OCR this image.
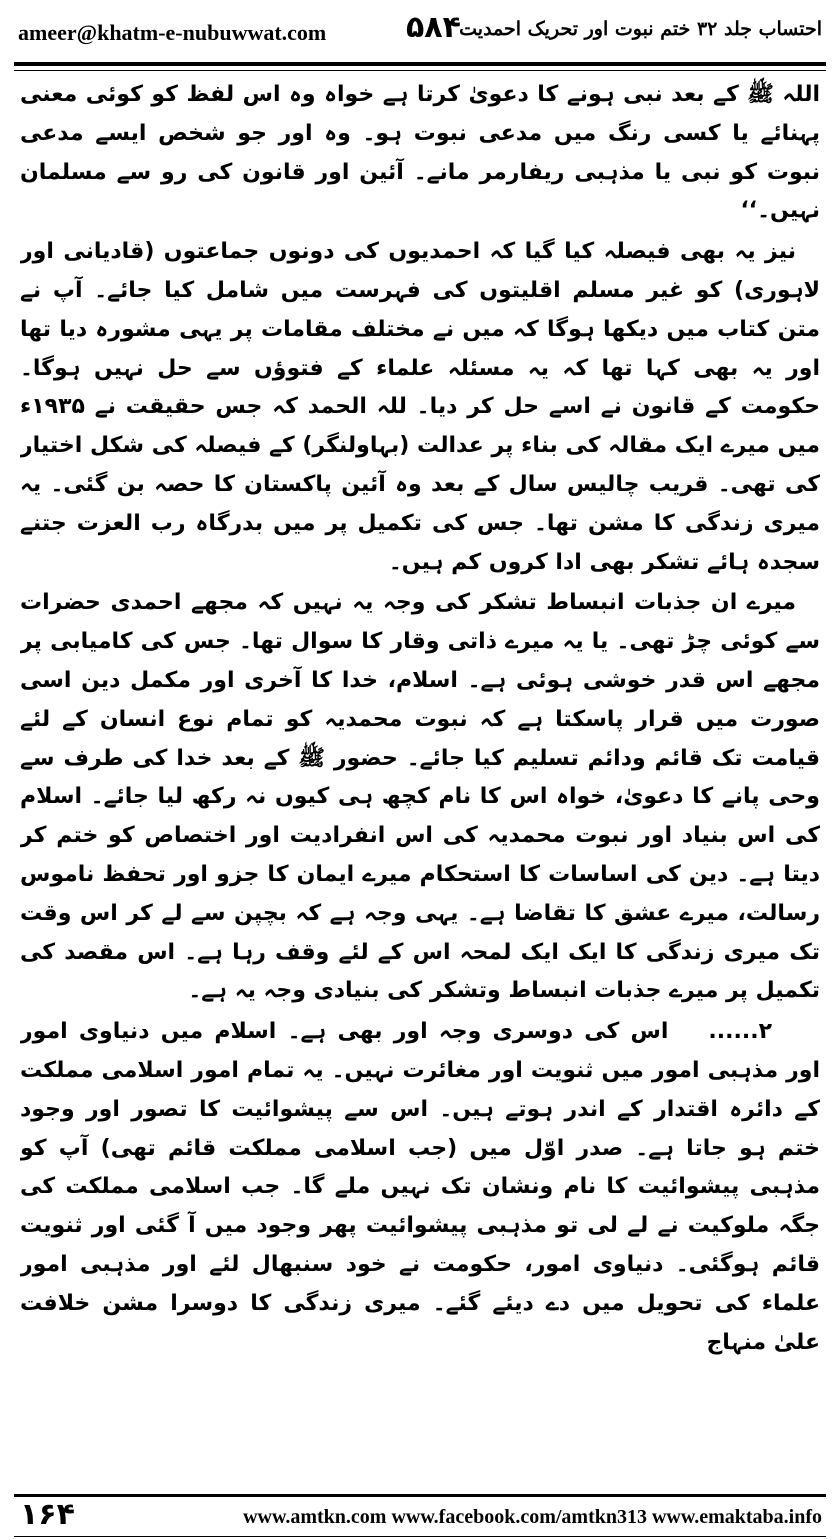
ameer@khatm-e-nubuwwat.com	۵۸۴
احتساب جلد ۳۲ ختم نبوت اور تحریک احمدیت

اللہ ﷺ کے بعد نبی ہونے کا دعویٰ کرتا ہے خواہ وہ اس لفظ کو کوئی معنی پہنائے یا کسی رنگ میں مدعی نبوت ہو۔ وہ اور جو شخص ایسے مدعی نبوت کو نبی یا مذہبی ریفارمر مانے۔ آئین اور قانون کی رو سے مسلمان نہیں۔‘‘

نیز یہ بھی فیصلہ کیا گیا کہ احمدیوں کی دونوں جماعتوں (قادیانی اور لاہوری) کو غیر مسلم اقلیتوں کی فہرست میں شامل کیا جائے۔ آپ نے متن کتاب میں دیکھا ہوگا کہ میں نے مختلف مقامات پر یہی مشورہ دیا تھا اور یہ بھی کہا تھا کہ یہ مسئلہ علماء کے فتوؤں سے حل نہیں ہوگا۔ حکومت کے قانون نے اسے حل کر دیا۔ للہ الحمد کہ جس حقیقت نے ۱۹۳۵ء میں میرے ایک مقالہ کی بناء پر عدالت (بہاولنگر) کے فیصلہ کی شکل اختیار کی تھی۔ قریب چالیس سال کے بعد وہ آئین پاکستان کا حصہ بن گئی۔ یہ میری زندگی کا مشن تھا۔ جس کی تکمیل پر میں بدرگاہ رب العزت جتنے سجدہ ہائے تشکر بھی ادا کروں کم ہیں۔

میرے ان جذبات انبساط تشکر کی وجہ یہ نہیں کہ مجھے احمدی حضرات سے کوئی چڑ تھی۔ یا یہ میرے ذاتی وقار کا سوال تھا۔ جس کی کامیابی پر مجھے اس قدر خوشی ہوئی ہے۔ اسلام، خدا کا آخری اور مکمل دین اسی صورت میں قرار پاسکتا ہے کہ نبوت محمدیہ کو تمام نوع انسان کے لئے قیامت تک قائم ودائم تسلیم کیا جائے۔ حضور ﷺ کے بعد خدا کی طرف سے وحی پانے کا دعویٰ، خواہ اس کا نام کچھ ہی کیوں نہ رکھ لیا جائے۔ اسلام کی اس بنیاد اور نبوت محمدیہ کی اس انفرادیت اور اختصاص کو ختم کر دیتا ہے۔ دین کی اساسات کا استحکام میرے ایمان کا جزو اور تحفظ ناموس رسالت، میرے عشق کا تقاضا ہے۔ یہی وجہ ہے کہ بچپن سے لے کر اس وقت تک میری زندگی کا ایک ایک لمحہ اس کے لئے وقف رہا ہے۔ اس مقصد کی تکمیل پر میرے جذبات انبساط وتشکر کی بنیادی وجہ یہ ہے۔

۲......اس کی دوسری وجہ اور بھی ہے۔ اسلام میں دنیاوی امور اور مذہبی امور میں ثنویت اور مغائرت نہیں۔ یہ تمام امور اسلامی مملکت کے دائرہ اقتدار کے اندر ہوتے ہیں۔ اس سے پیشوائیت کا تصور اور وجود ختم ہو جاتا ہے۔ صدر اوّل میں (جب اسلامی مملکت قائم تھی) آپ کو مذہبی پیشوائیت کا نام ونشان تک نہیں ملے گا۔ جب اسلامی مملکت کی جگہ ملوکیت نے لے لی تو مذہبی پیشوائیت پھر وجود میں آ گئی اور ثنویت قائم ہوگئی۔ دنیاوی امور، حکومت نے خود سنبھال لئے اور مذہبی امور علماء کی تحویل میں دے دیئے گئے۔ میری زندگی کا دوسرا مشن خلافت علیٰ منہاج

۱۶۴	www.amtkn.com www.facebook.com/amtkn313 www.emaktaba.info
